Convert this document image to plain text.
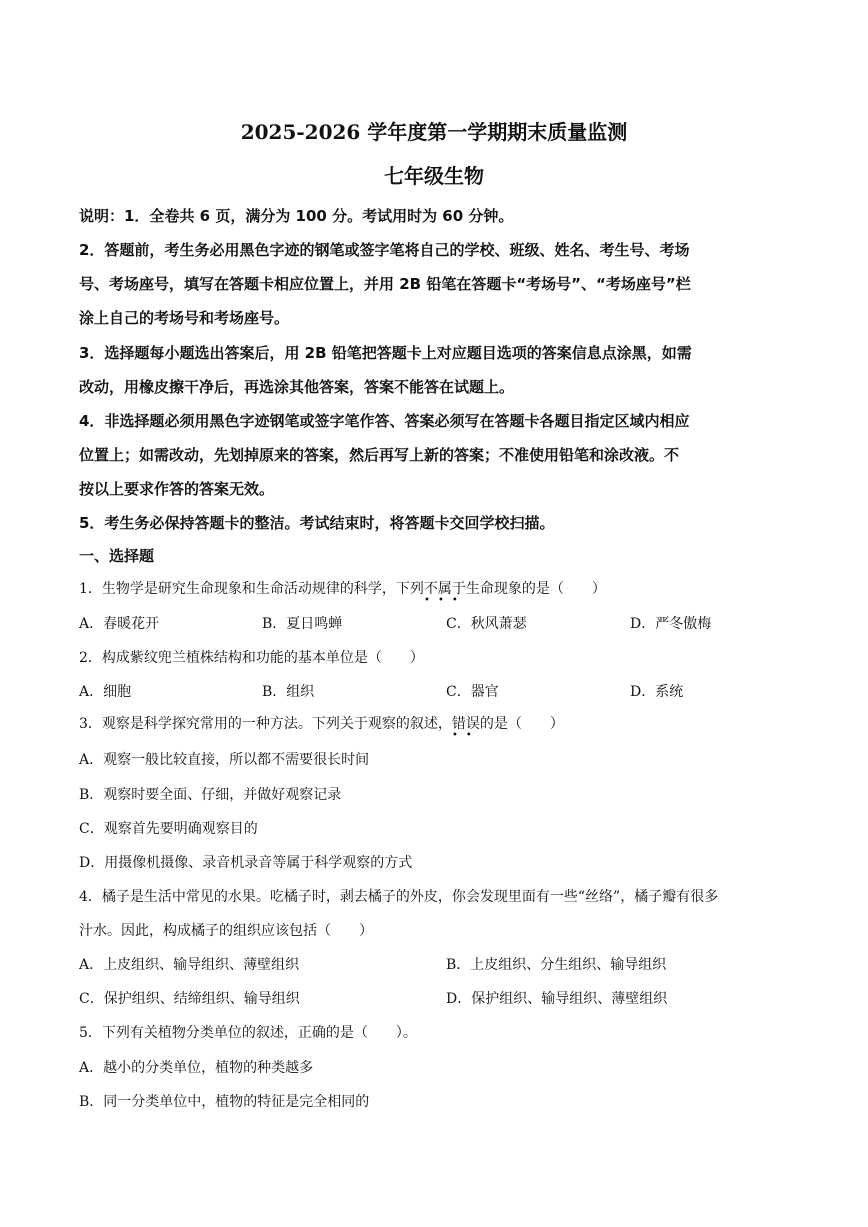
2025-2026 学年度第一学期期末质量监测
七年级生物
说明：1．全卷共 6 页，满分为 100 分。考试用时为 60 分钟。
2．答题前，考生务必用黑色字迹的钢笔或签字笔将自己的学校、班级、姓名、考生号、考场
号、考场座号，填写在答题卡相应位置上，并用 2B 铅笔在答题卡“考场号”、“考场座号”栏
涂上自己的考场号和考场座号。
3．选择题每小题选出答案后，用 2B 铅笔把答题卡上对应题目选项的答案信息点涂黑，如需
改动，用橡皮擦干净后，再选涂其他答案，答案不能答在试题上。
4．非选择题必须用黑色字迹钢笔或签字笔作答、答案必须写在答题卡各题目指定区域内相应
位置上；如需改动，先划掉原来的答案，然后再写上新的答案；不准使用铅笔和涂改液。不
按以上要求作答的答案无效。
5．考生务必保持答题卡的整洁。考试结束时，将答题卡交回学校扫描。
一、选择题
1．生物学是研究生命现象和生命活动规律的科学，下列不属于
•••
生命现象的是（　　）
A．春暖花开	B．夏日鸣蝉	C．秋风萧瑟	D．严冬傲梅
2．构成紫纹兜兰植株结构和功能的基本单位是（　　）
A．细胞	B．组织	C．器官	D．系统
3．观察是科学探究常用的一种方法。下列关于观察的叙述，错误
••
的是（　　）
A．观察一般比较直接，所以都不需要很长时间
B．观察时要全面、仔细，并做好观察记录
C．观察首先要明确观察目的
D．用摄像机摄像、录音机录音等属于科学观察的方式
4．橘子是生活中常见的水果。吃橘子时，剥去橘子的外皮，你会发现里面有一些“丝络”，橘子瓣有很多
汁水。因此，构成橘子的组织应该包括（　　）
A．上皮组织、输导组织、薄壁组织	B．上皮组织、分生组织、输导组织
C．保护组织、结缔组织、输导组织	D．保护组织、输导组织、薄壁组织
5．下列有关植物分类单位的叙述，正确的是（　　）。
A．越小的分类单位，植物的种类越多
B．同一分类单位中，植物的特征是完全相同的
